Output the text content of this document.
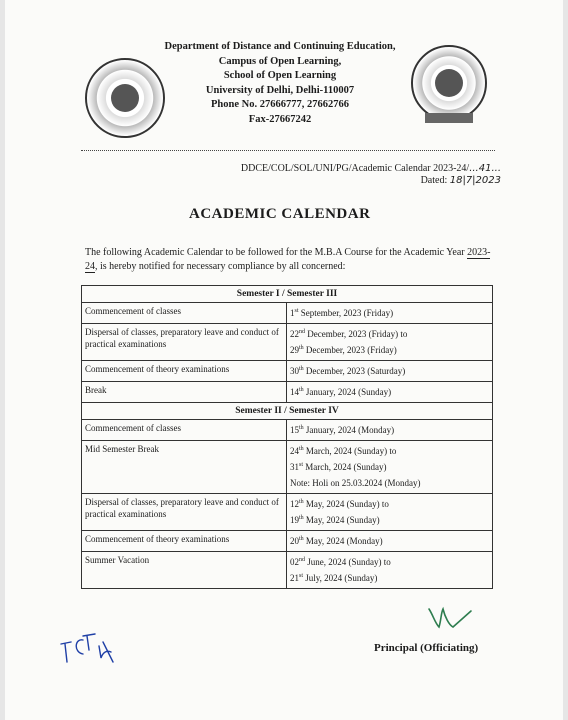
Department of Distance and Continuing Education,
Campus of Open Learning,
School of Open Learning
University of Delhi, Delhi-110007
Phone No. 27666777, 27662766
Fax-27667242
DDCE/COL/SOL/UNI/PG/Academic Calendar 2023-24/...41...
Dated: 18|7|2023
ACADEMIC CALENDAR
The following Academic Calendar to be followed for the M.B.A Course for the Academic Year 2023-24, is hereby notified for necessary compliance by all concerned:
Semester I / Semester III	
Commencement of classes	1st September, 2023 (Friday)

Dispersal of classes, preparatory leave and conduct of practical examinations	22nd December, 2023 (Friday) to
29th December, 2023 (Friday)

Commencement of theory examinations	30th December, 2023 (Saturday)

Break	14th January, 2024 (Sunday)

Semester II / Semester IV	
Commencement of classes	15th January, 2024 (Monday)

Mid Semester Break	24th March, 2024 (Sunday) to
31st March, 2024 (Sunday)
Note: Holi on 25.03.2024 (Monday)

Dispersal of classes, preparatory leave and conduct of practical examinations	12th May, 2024 (Sunday) to
19th May, 2024 (Sunday)

Commencement of theory examinations	20th May, 2024 (Monday)

Summer Vacation	02nd June, 2024 (Sunday) to
21st July, 2024 (Sunday)
Principal (Officiating)
